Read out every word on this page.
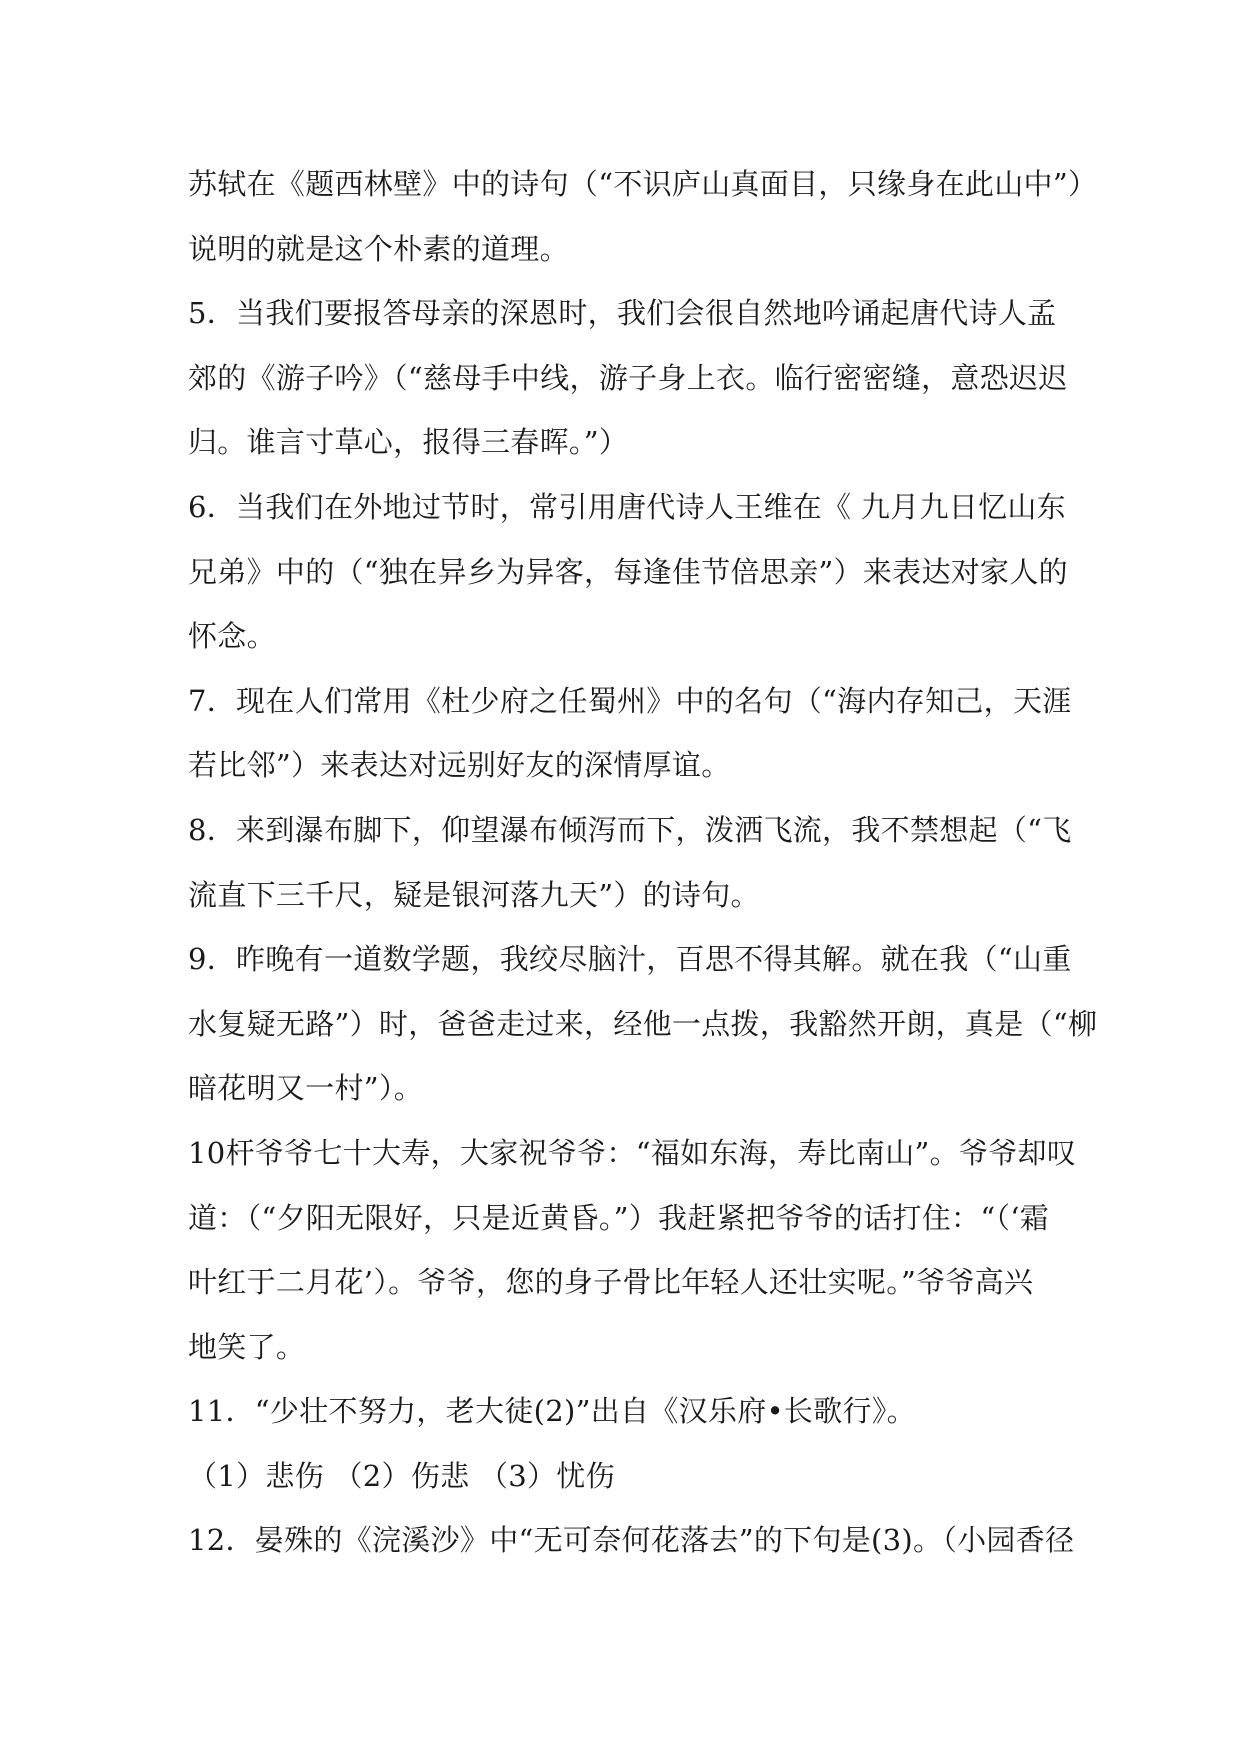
苏轼在《题西林壁》中的诗句（“不识庐山真面目，只缘身在此山中”）
说明的就是这个朴素的道理。
5．当我们要报答母亲的深恩时，我们会很自然地吟诵起唐代诗人孟
郊的《游子吟》（“慈母手中线，游子身上衣。临行密密缝，意恐迟迟
归。谁言寸草心，报得三春晖。”）
6．当我们在外地过节时，常引用唐代诗人王维在《 九月九日忆山东
兄弟》中的（“独在异乡为异客，每逢佳节倍思亲”）来表达对家人的
怀念。
7．现在人们常用《杜少府之任蜀州》中的名句（“海内存知己，天涯
若比邻”）来表达对远别好友的深情厚谊。
8．来到瀑布脚下，仰望瀑布倾泻而下，泼洒飞流，我不禁想起（“飞
流直下三千尺，疑是银河落九天”）的诗句。
9．昨晚有一道数学题，我绞尽脑汁，百思不得其解。就在我（“山重
水复疑无路”）时，爸爸走过来，经他一点拨，我豁然开朗，真是（“柳
暗花明又一村”）。
10杆爷爷七十大寿，大家祝爷爷：“福如东海，寿比南山”。爷爷却叹
道：（“夕阳无限好，只是近黄昏。”）我赶紧把爷爷的话打住：“（‘霜
叶红于二月花’）。爷爷，您的身子骨比年轻人还壮实呢。”爷爷高兴
地笑了。
11．“少壮不努力，老大徒(2)”出自《汉乐府•长歌行》。
（1）悲伤 （2）伤悲 （3）忧伤
12．晏殊的《浣溪沙》中“无可奈何花落去”的下句是(3)。（小园香径
